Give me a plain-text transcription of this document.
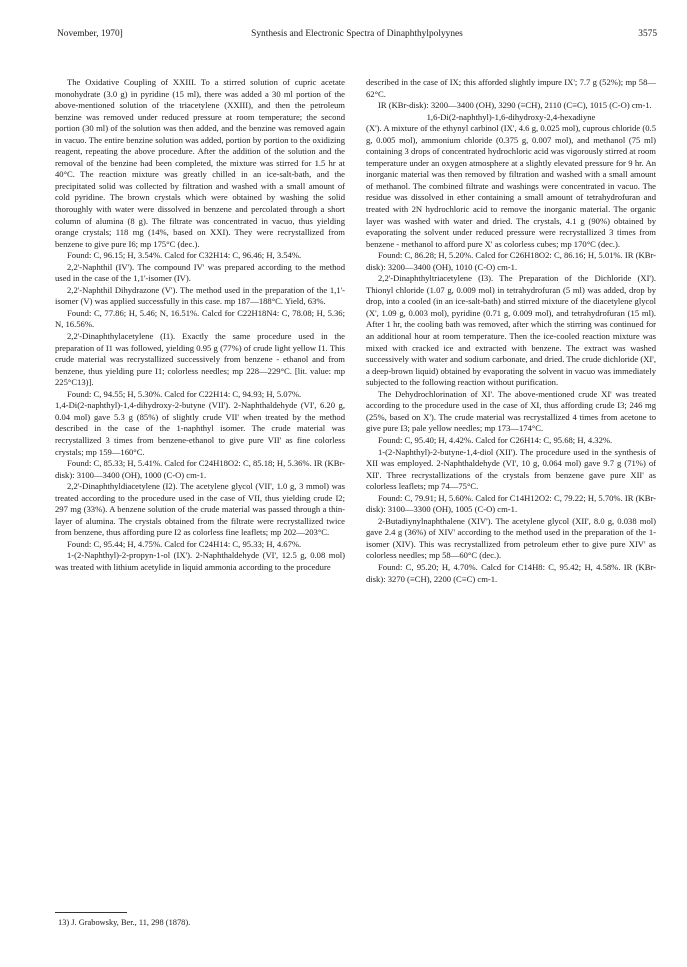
November, 1970]	Synthesis and Electronic Spectra of Dinaphthylpolyynes	3575

The Oxidative Coupling of XXIII. To a stirred solution of cupric acetate monohydrate (3.0 g) in pyridine (15 ml), there was added a 30 ml portion of the above-mentioned solution of the triacetylene (XXIII), and then the petroleum benzine was removed under reduced pressure at room temperature; the second portion (30 ml) of the solution was then added, and the benzine was removed again in vacuo. The entire benzine solution was added, portion by portion to the oxidizing reagent, repeating the above procedure. After the addition of the solution and the removal of the benzine had been completed, the mixture was stirred for 1.5 hr at 40°C. The reaction mixture was greatly chilled in an ice-salt-bath, and the precipitated solid was collected by filtration and washed with a small amount of cold pyridine. The brown crystals which were obtained by washing the solid thoroughly with water were dissolved in benzene and percolated through a short column of alumina (8 g). The filtrate was concentrated in vacuo, thus yielding orange crystals; 118 mg (14%, based on XXI). They were recrystallized from benzene to give pure I6; mp 175°C (dec.).

Found: C, 96.15; H, 3.54%. Calcd for C32H14: C, 96.46; H, 3.54%.

2,2'-Naphthil (IV'). The compound IV' was prepared according to the method used in the case of the 1,1'-isomer (IV).

2,2'-Naphthil Dihydrazone (V'). The method used in the preparation of the 1,1'-isomer (V) was applied successfully in this case. mp 187—188°C. Yield, 63%.

Found: C, 77.86; H, 5.46; N, 16.51%. Calcd for C22H18N4: C, 78.08; H, 5.36; N, 16.56%.

2,2'-Dinaphthylacetylene (I1). Exactly the same procedure used in the preparation of I1 was followed, yielding 0.95 g (77%) of crude light yellow I1. This crude material was recrystallized successively from benzene - ethanol and from benzene, thus yielding pure I1; colorless needles; mp 228—229°C. [lit. value: mp 225°C13)].

Found: C, 94.55; H, 5.30%. Calcd for C22H14: C, 94.93; H, 5.07%.

1,4-Di(2-naphthyl)-1,4-dihydroxy-2-butyne (VII'). 2-Naphthaldehyde (VI', 6.20 g, 0.04 mol) gave 5.3 g (85%) of slightly crude VII' when treated by the method described in the case of the 1-naphthyl isomer. The crude material was recrystallized 3 times from benzene-ethanol to give pure VII' as fine colorless crystals; mp 159—160°C.

Found: C, 85.33; H, 5.41%. Calcd for C24H18O2: C, 85.18; H, 5.36%. IR (KBr-disk): 3100—3400 (OH), 1000 (C-O) cm-1.

2,2'-Dinaphthyldiacetylene (I2). The acetylene glycol (VII', 1.0 g, 3 mmol) was treated according to the procedure used in the case of VII, thus yielding crude I2; 297 mg (33%). A benzene solution of the crude material was passed through a thin-layer of alumina. The crystals obtained from the filtrate were recrystallized twice from benzene, thus affording pure I2 as colorless fine leaflets; mp 202—203°C.

Found: C, 95.44; H, 4.75%. Calcd for C24H14: C, 95.33; H, 4.67%.

1-(2-Naphthyl)-2-propyn-1-ol (IX'). 2-Naphthaldehyde (VI', 12.5 g, 0.08 mol) was treated with lithium acetylide in liquid ammonia according to the procedure

described in the case of IX; this afforded slightly impure IX'; 7.7 g (52%); mp 58—62°C.

IR (KBr-disk): 3200—3400 (OH), 3290 (≡CH), 2110 (C≡C), 1015 (C-O) cm-1.

1,6-Di(2-naphthyl)-1,6-dihydroxy-2,4-hexadiyne

(X'). A mixture of the ethynyl carbinol (IX', 4.6 g, 0.025 mol), cuprous chloride (0.5 g, 0.005 mol), ammonium chloride (0.375 g, 0.007 mol), and methanol (75 ml) containing 3 drops of concentrated hydrochloric acid was vigorously stirred at room temperature under an oxygen atmosphere at a slightly elevated pressure for 9 hr. An inorganic material was then removed by filtration and washed with a small amount of methanol. The combined filtrate and washings were concentrated in vacuo. The residue was dissolved in ether containing a small amount of tetrahydrofuran and treated with 2N hydrochloric acid to remove the inorganic material. The organic layer was washed with water and dried. The crystals, 4.1 g (90%) obtained by evaporating the solvent under reduced pressure were recrystallized 3 times from benzene - methanol to afford pure X' as colorless cubes; mp 170°C (dec.).

Found: C, 86.28; H, 5.20%. Calcd for C26H18O2: C, 86.16; H, 5.01%. IR (KBr-disk): 3200—3400 (OH), 1010 (C-O) cm-1.

2,2'-Dinaphthyltriacetylene (I3). The Preparation of the Dichloride (XI'). Thionyl chloride (1.07 g, 0.009 mol) in tetrahydrofuran (5 ml) was added, drop by drop, into a cooled (in an ice-salt-bath) and stirred mixture of the diacetylene glycol (X', 1.09 g, 0.003 mol), pyridine (0.71 g, 0.009 mol), and tetrahydrofuran (15 ml). After 1 hr, the cooling bath was removed, after which the stirring was continued for an additional hour at room temperature. Then the ice-cooled reaction mixture was mixed with cracked ice and extracted with benzene. The extract was washed successively with water and sodium carbonate, and dried. The crude dichloride (XI', a deep-brown liquid) obtained by evaporating the solvent in vacuo was immediately subjected to the following reaction without purification.

The Dehydrochlorination of XI'. The above-mentioned crude XI' was treated according to the procedure used in the case of XI, thus affording crude I3; 246 mg (25%, based on X'). The crude material was recrystallized 4 times from acetone to give pure I3; pale yellow needles; mp 173—174°C.

Found: C, 95.40; H, 4.42%. Calcd for C26H14: C, 95.68; H, 4.32%.

1-(2-Naphthyl)-2-butyne-1,4-diol (XII'). The procedure used in the synthesis of XII was employed. 2-Naphthaldehyde (VI', 10 g, 0.064 mol) gave 9.7 g (71%) of XII'. Three recrystallizations of the crystals from benzene gave pure XII' as colorless leaflets; mp 74—75°C.

Found: C, 79.91; H, 5.60%. Calcd for C14H12O2: C, 79.22; H, 5.70%. IR (KBr-disk): 3100—3300 (OH), 1005 (C-O) cm-1.

2-Butadiynylnaphthalene (XIV'). The acetylene glycol (XII', 8.0 g, 0.038 mol) gave 2.4 g (36%) of XIV' according to the method used in the preparation of the 1-isomer (XIV). This was recrystallized from petroleum ether to give pure XIV' as colorless needles; mp 58—60°C (dec.).

Found: C, 95.20; H, 4.70%. Calcd for C14H8: C, 95.42; H, 4.58%. IR (KBr-disk): 3270 (≡CH), 2200 (C≡C) cm-1.

13) J. Grabowsky, Ber., 11, 298 (1878).
